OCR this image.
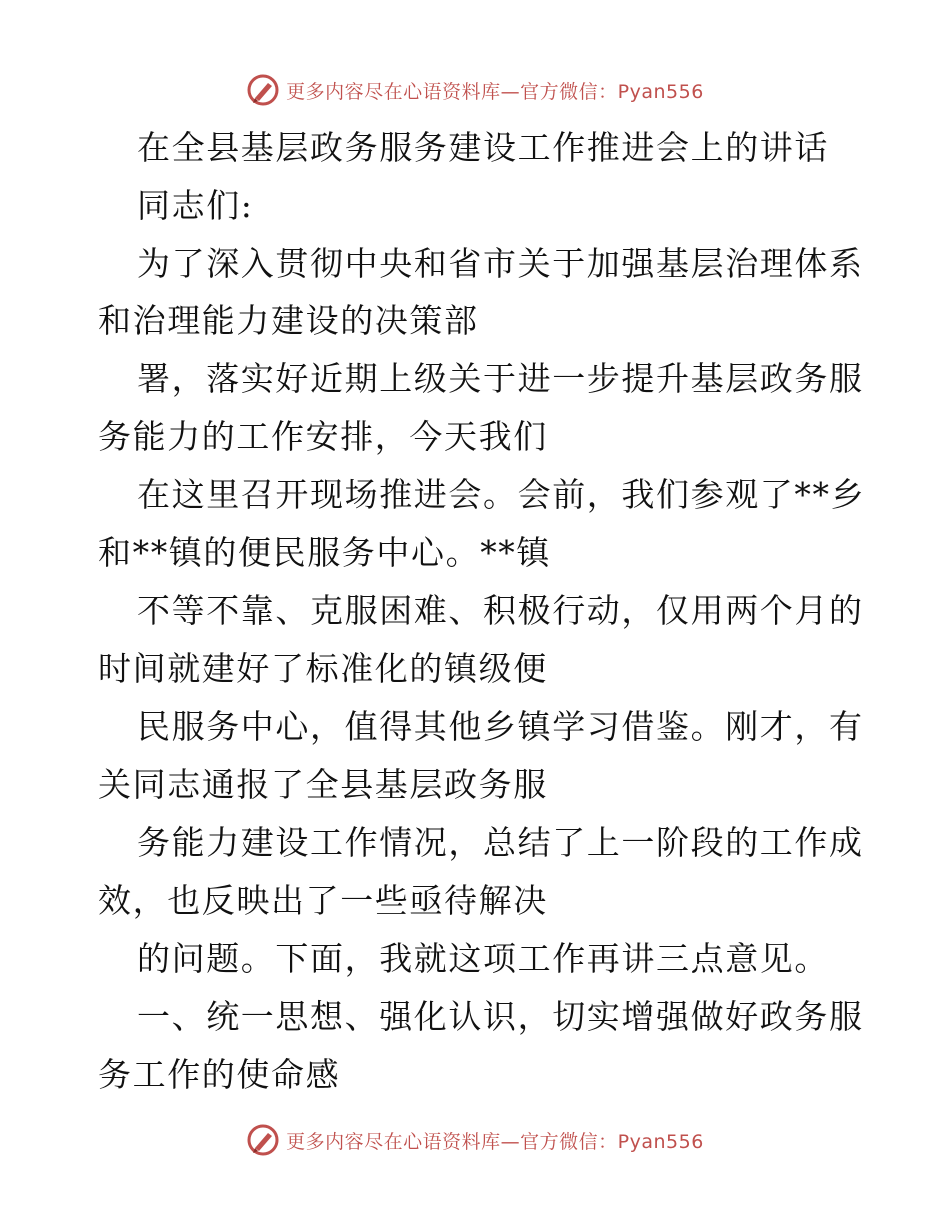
更多内容尽在心语资料库—官方微信：Pyan556
在全县基层政务服务建设工作推进会上的讲话
同志们:
为了深入贯彻中央和省市关于加强基层治理体系
和治理能力建设的决策部
署，落实好近期上级关于进一步提升基层政务服
务能力的工作安排，今天我们
在这里召开现场推进会。会前，我们参观了**乡
和**镇的便民服务中心。**镇
不等不靠、克服困难、积极行动，仅用两个月的
时间就建好了标准化的镇级便
民服务中心，值得其他乡镇学习借鉴。刚才，有
关同志通报了全县基层政务服
务能力建设工作情况，总结了上一阶段的工作成
效，也反映出了一些亟待解决
的问题。下面，我就这项工作再讲三点意见。
一、统一思想、强化认识，切实增强做好政务服
务工作的使命感
更多内容尽在心语资料库—官方微信：Pyan556
